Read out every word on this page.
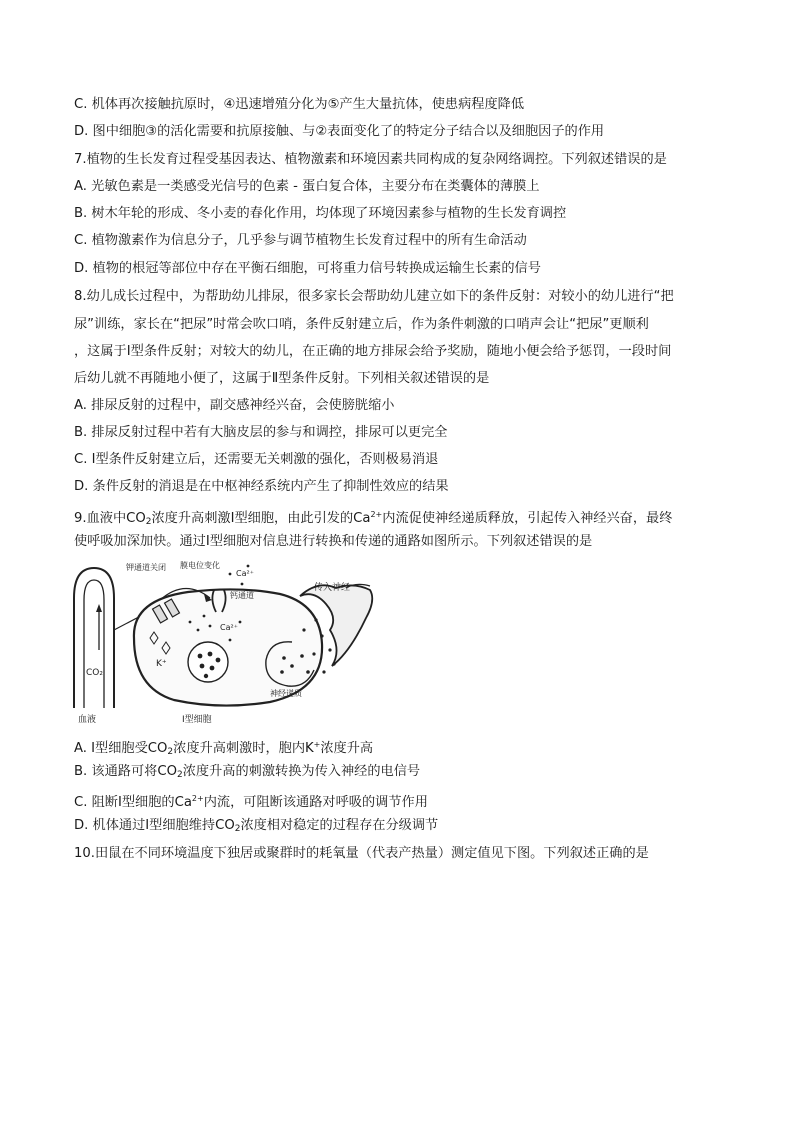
C. 机体再次接触抗原时，④迅速增殖分化为⑤产生大量抗体，使患病程度降低
D. 图中细胞③的活化需要和抗原接触、与②表面变化了的特定分子结合以及细胞因子的作用
7.植物的生长发育过程受基因表达、植物激素和环境因素共同构成的复杂网络调控。下列叙述错误的是
A. 光敏色素是一类感受光信号的色素 - 蛋白复合体，主要分布在类囊体的薄膜上
B. 树木年轮的形成、冬小麦的春化作用，均体现了环境因素参与植物的生长发育调控
C. 植物激素作为信息分子，几乎参与调节植物生长发育过程中的所有生命活动
D. 植物的根冠等部位中存在平衡石细胞，可将重力信号转换成运输生长素的信号
8.幼儿成长过程中，为帮助幼儿排尿，很多家长会帮助幼儿建立如下的条件反射：对较小的幼儿进行“把
尿”训练，家长在“把尿”时常会吹口哨，条件反射建立后，作为条件刺激的口哨声会让“把尿”更顺利
，这属于Ⅰ型条件反射；对较大的幼儿，在正确的地方排尿会给予奖励，随地小便会给予惩罚，一段时间
后幼儿就不再随地小便了，这属于Ⅱ型条件反射。下列相关叙述错误的是
A. 排尿反射的过程中，副交感神经兴奋，会使膀胱缩小
B. 排尿反射过程中若有大脑皮层的参与和调控，排尿可以更完全
C. Ⅰ型条件反射建立后，还需要无关刺激的强化，否则极易消退
D. 条件反射的消退是在中枢神经系统内产生了抑制性效应的结果
9.血液中$CO_2$浓度升高刺激Ⅰ型细胞，由此引发的$Ca^{2+}$内流促使神经递质释放，引起传入神经兴奋，最终
使呼吸加深加快。通过Ⅰ型细胞对信息进行转换和传递的通路如图所示。下列叙述错误的是
CO₂
血液
钾通道关闭 膜电位变化
Ca²⁺
钙通道
K⁺
Ca²⁺
Ⅰ型细胞
神经递质
传入神经
A. Ⅰ型细胞受$CO_2$浓度升高刺激时，胞内K+浓度升高
B. 该通路可将$CO_2$浓度升高的刺激转换为传入神经的电信号
C. 阻断Ⅰ型细胞的$Ca^{2+}$内流，可阻断该通路对呼吸的调节作用
D. 机体通过Ⅰ型细胞维持$CO_2$浓度相对稳定的过程存在分级调节
10.田鼠在不同环境温度下独居或聚群时的耗氧量（代表产热量）测定值见下图。下列叙述正确的是
